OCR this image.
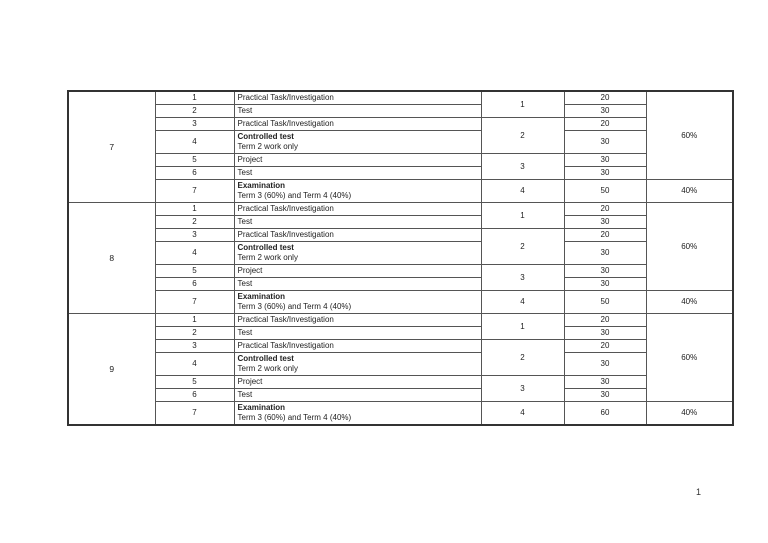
7	1	Practical Task/Investigation	1	20	60%
	2	Test		30	
	3	Practical Task/Investigation	2	20	
	4	Controlled test
Term 2 work only		30	
	5	Project	3	30	
	6	Test		30	
	7	Examination
Term 3 (60%) and Term 4 (40%)	4	50	40%
8	1	Practical Task/Investigation	1	20	60%
	2	Test		30	
	3	Practical Task/Investigation	2	20	
	4	Controlled test
Term 2 work only		30	
	5	Project	3	30	
	6	Test		30	
	7	Examination
Term 3 (60%) and Term 4 (40%)	4	50	40%
9	1	Practical Task/Investigation	1	20	60%
	2	Test		30	
	3	Practical Task/Investigation	2	20	
	4	Controlled test
Term 2 work only		30	
	5	Project	3	30	
	6	Test		30	
	7	Examination
Term 3 (60%) and Term 4 (40%)	4	60	40%
1
